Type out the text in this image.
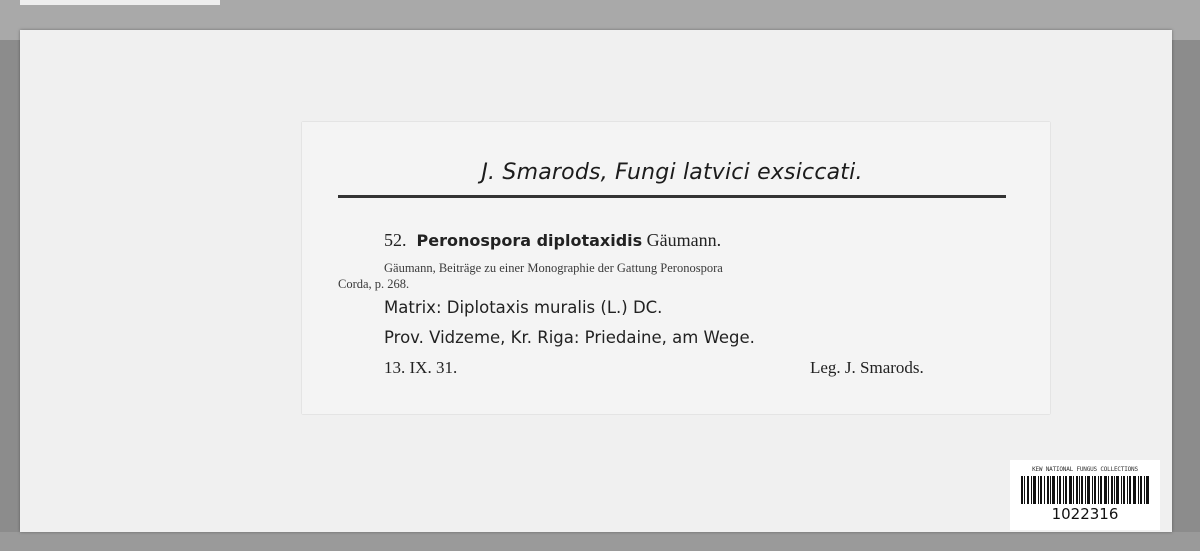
J. Smarods, Fungi latvici exsiccati.
52. Peronospora diplotaxidis Gäumann.
Gäumann, Beiträge zu einer Monographie der Gattung Peronospora
Corda, p. 268.
Matrix: Diplotaxis muralis (L.) DC.
Prov. Vidzeme, Kr. Riga: Priedaine, am Wege.
13. IX. 31.	Leg. J. Smarods.
KEW NATIONAL FUNGUS COLLECTIONS
1022316
